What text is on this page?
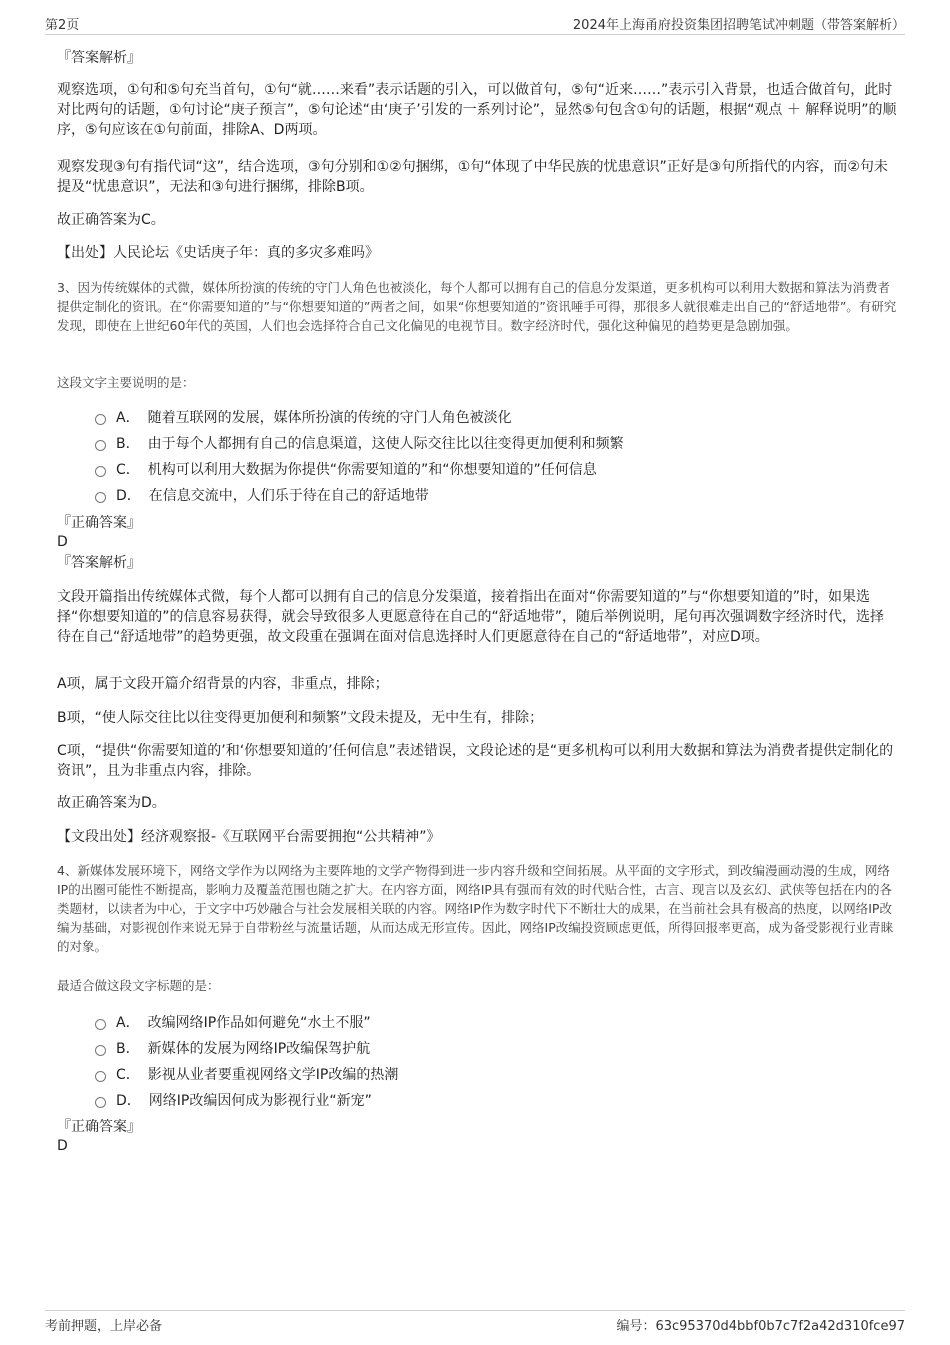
第2页	2024年上海甬府投资集团招聘笔试冲刺题（带答案解析）
『答案解析』
观察选项，①句和⑤句充当首句，①句“就……来看”表示话题的引入，可以做首句，⑤句“近来……”表示引入背景，也适合做首句，此时对比两句的话题，①句讨论“庚子预言”，⑤句论述“由‘庚子’引发的一系列讨论”，显然⑤句包含①句的话题，根据“观点 ＋ 解释说明”的顺序，⑤句应该在①句前面，排除A、D两项。
观察发现③句有指代词“这”，结合选项，③句分别和①②句捆绑，①句“体现了中华民族的忧患意识”正好是③句所指代的内容，而②句未提及“忧患意识”，无法和③句进行捆绑，排除B项。
故正确答案为C。
【出处】人民论坛《史话庚子年：真的多灾多难吗》
3、因为传统媒体的式微，媒体所扮演的传统的守门人角色也被淡化，每个人都可以拥有自己的信息分发渠道，更多机构可以利用大数据和算法为消费者提供定制化的资讯。在“你需要知道的”与“你想要知道的”两者之间，如果“你想要知道的”资讯唾手可得，那很多人就很难走出自己的“舒适地带”。有研究发现，即使在上世纪60年代的英国，人们也会选择符合自己文化偏见的电视节目。数字经济时代，强化这种偏见的趋势更是急剧加强。
这段文字主要说明的是：
A． 随着互联网的发展，媒体所扮演的传统的守门人角色被淡化
B． 由于每个人都拥有自己的信息渠道，这使人际交往比以往变得更加便利和频繁
C． 机构可以利用大数据为你提供“你需要知道的”和“你想要知道的”任何信息
D． 在信息交流中，人们乐于待在自己的舒适地带
『正确答案』
D
『答案解析』
文段开篇指出传统媒体式微，每个人都可以拥有自己的信息分发渠道，接着指出在面对“你需要知道的”与“你想要知道的”时，如果选择“你想要知道的”的信息容易获得，就会导致很多人更愿意待在自己的“舒适地带”，随后举例说明，尾句再次强调数字经济时代，选择待在自己“舒适地带”的趋势更强，故文段重在强调在面对信息选择时人们更愿意待在自己的“舒适地带”，对应D项。
A项，属于文段开篇介绍背景的内容，非重点，排除；
B项，“使人际交往比以往变得更加便利和频繁”文段未提及，无中生有，排除；
C项，“提供“你需要知道的’和‘你想要知道的’任何信息”表述错误，文段论述的是“更多机构可以利用大数据和算法为消费者提供定制化的资讯”，且为非重点内容，排除。
故正确答案为D。
【文段出处】经济观察报-《互联网平台需要拥抱“公共精神”》
4、新媒体发展环境下，网络文学作为以网络为主要阵地的文学产物得到进一步内容升级和空间拓展。从平面的文字形式，到改编漫画动漫的生成，网络IP的出圈可能性不断提高，影响力及覆盖范围也随之扩大。在内容方面，网络IP具有强而有效的时代贴合性，古言、现言以及玄幻、武侠等包括在内的各类题材，以读者为中心，于文字中巧妙融合与社会发展相关联的内容。网络IP作为数字时代下不断壮大的成果，在当前社会具有极高的热度，以网络IP改编为基础，对影视创作来说无异于自带粉丝与流量话题，从而达成无形宣传。因此，网络IP改编投资顾虑更低，所得回报率更高，成为备受影视行业青睐的对象。
最适合做这段文字标题的是：
A． 改编网络IP作品如何避免“水土不服”
B． 新媒体的发展为网络IP改编保驾护航
C． 影视从业者要重视网络文学IP改编的热潮
D． 网络IP改编因何成为影视行业“新宠”
『正确答案』
D
考前押题，上岸必备	编号：63c95370d4bbf0b7c7f2a42d310fce97
